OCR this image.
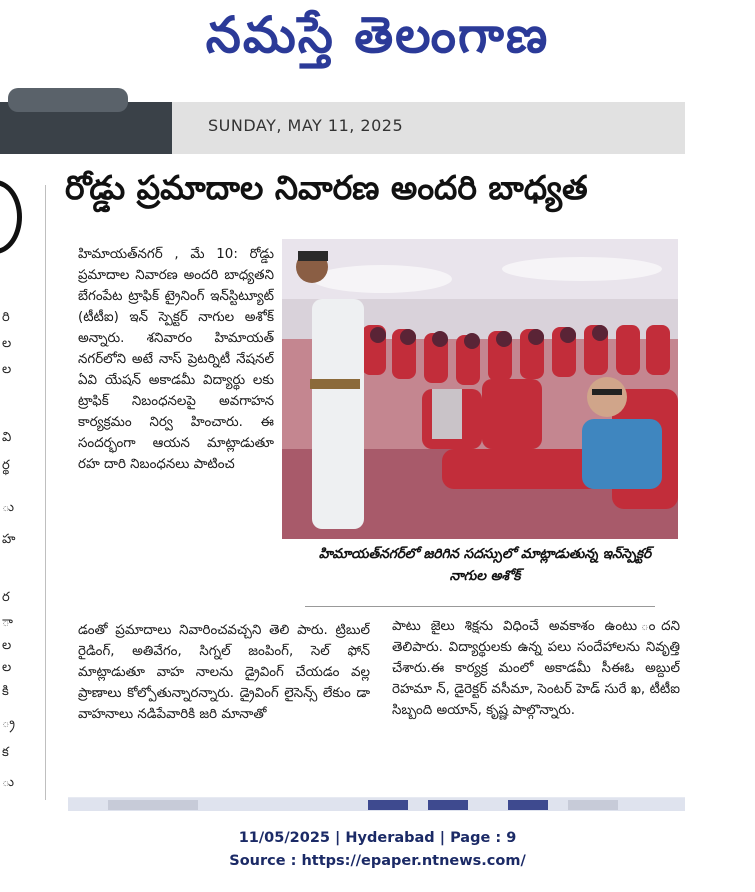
నమస్తే తెలంగాణ
SUNDAY, MAY 11, 2025
రి
ల
ల
వి
ర్థ
ు
హ
ర
ా
ల
ల
కి
్ర
క
ు
రోడ్డు ప్రమాదాల నివారణ అందరి బాధ్యత
హిమాయత్‌నగర్ , మే 10: రోడ్డు ప్రమాదాల నివారణ అందరి బాధ్యతని బేగంపేట ట్రాఫిక్ ట్రైనింగ్ ఇన్‌స్టిట్యూట్ (టీటీఐ) ఇన్ స్పెక్టర్ నాగుల అశోక్ అన్నారు. శనివారం హిమాయత్ నగర్‌లోని అటే నాస్ ప్రెటర్నిటీ నేషనల్ ఏవి యేషన్ అకాడమీ విద్యార్థు లకు ట్రాఫిక్ నిబంధనలపై అవగాహన కార్యక్రమం నిర్వ హించారు. ఈ సందర్భంగా ఆయన మాట్లాడుతూ రహ దారి నిబంధనలు పాటించ
హిమాయత్‌నగర్‌లో జరిగిన సదస్సులో మాట్లాడుతున్న ఇన్‌స్పెక్టర్ నాగుల అశోక్
డంతో ప్రమాదాలు నివారించవచ్చని తెలి పారు. ట్రిబుల్ రైడింగ్, అతివేగం, సిగ్నల్ జంపింగ్, సెల్ ఫోన్ మాట్లాడుతూ వాహ నాలను డ్రైవింగ్ చేయడం వల్ల ప్రాణాలు కోల్పోతున్నారన్నారు. డ్రైవింగ్ లైసెన్స్ లేకుం డా వాహనాలు నడిపేవారికి జరి మానాతో
పాటు జైలు శిక్షను విధించే అవకాశం ఉంటు ందని తెలిపారు. విద్యార్థులకు ఉన్న పలు సందేహాలను నివృత్తి చేశారు.ఈ కార్యక్ర మంలో అకాడమీ సీఈఓ అబ్దుల్ రెహమా న్, డైరెక్టర్ వసీమా, సెంటర్ హెడ్ సురే ఖ, టీటీఐ సిబ్బంది అయాన్, కృష్ణ పాల్గొన్నారు.
11/05/2025 | Hyderabad | Page : 9
Source : https://epaper.ntnews.com/
